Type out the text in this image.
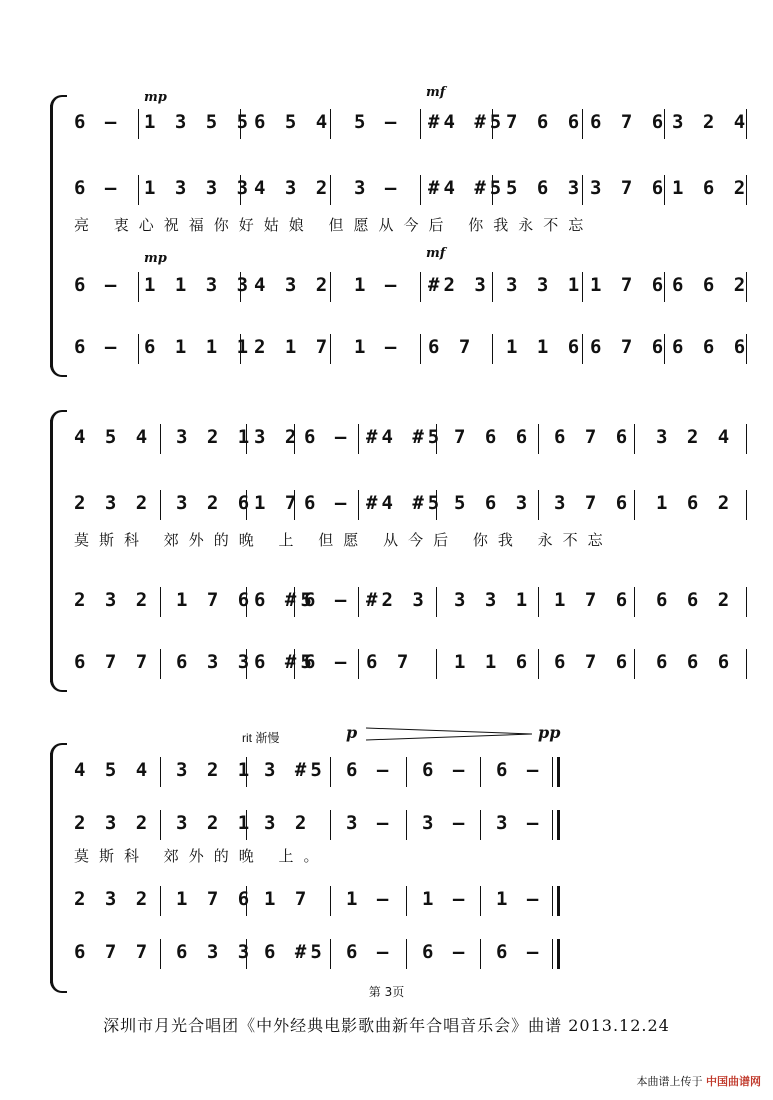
mp	mf
mp	mf
6 – 1 3 5 5 6 5 4 5 – #4 #5 7 6 6 6 7 6 3 2 4
6 – 1 3 3 3 4 3 2 3 – #4 #5 5 6 3 3 7 6 1 6 2
亮 衷心祝福你好姑娘 但愿从今后 你我永不忘
6 – 1 1 3 3 4 3 2 1 – #2 3 3 3 1 1 7 6 6 6 2
6 – 6 1 1 1 2 1 7 1 – 6 7 1 1 6 6 7 6 6 6 6
4 5 4 3 2 1 3 2 6 – #4 #5 7 6 6 6 7 6 3 2 4
2 3 2 3 2 6 1 7 6 – #4 #5 5 6 3 3 7 6 1 6 2
莫斯科 郊外的晚 上 但愿 从今后 你我 永不忘
2 3 2 1 7 6 6 #5
6 – #2 3 3 3 1 1 7 6 6 6 2
6 7 7 6 3 3 6 #5
6 – 6 7 1 1 6 6 7 6 6 6 6
rit 渐慢	p	pp
4 5 4 3 2 1 3 #5 6 – 6 – 6 –
2 3 2 3 2 1 3 2 3 – 3 – 3 –
莫斯科 郊外的晚 上。
2 3 2 1 7 6 1 7 1 – 1 – 1 –
6 7 7 6 3 3 6 #5 6 – 6 – 6 –
第 3页
深圳市月光合唱团《中外经典电影歌曲新年合唱音乐会》曲谱 2013.12.24
本曲谱上传于 中国曲谱网
